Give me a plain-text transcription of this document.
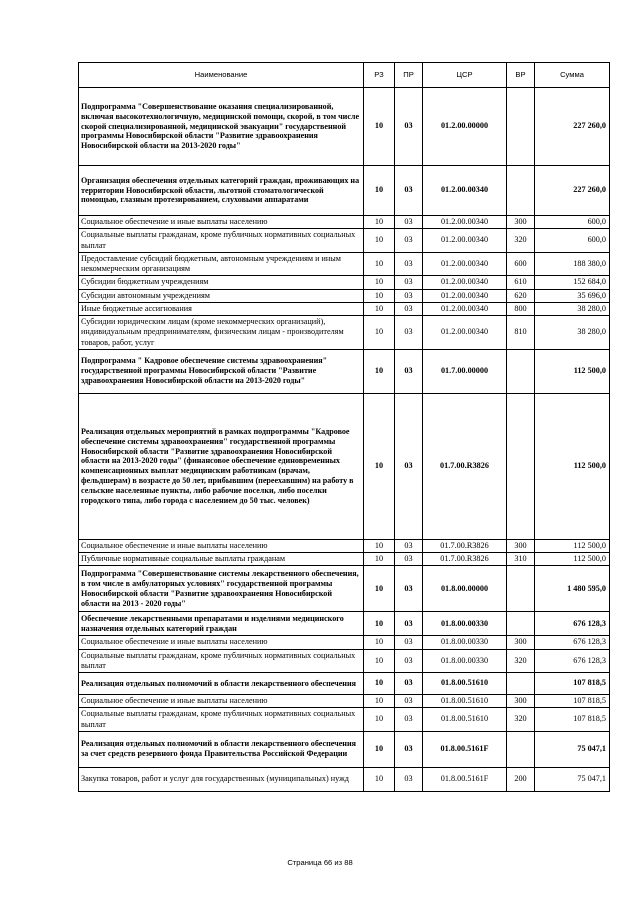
Наименование	РЗ	ПР	ЦСР	ВР	Сумма
Подпрограмма "Совершенствование оказания специализированной, включая высокотехнологичную, медицинской помощи, скорой, в том числе скорой специализированной, медицинской эвакуации" государственной программы Новосибирской области "Развитие здравоохранения Новосибирской области на 2013-2020 годы"	10	03	01.2.00.00000		227 260,0
Организация обеспечения отдельных категорий граждан, проживающих на территории Новосибирской области, льготной стоматологической помощью, глазным протезированием, слуховыми аппаратами	10	03	01.2.00.00340		227 260,0
Социальное обеспечение и иные выплаты населению	10	03	01.2.00.00340	300	600,0
Социальные выплаты гражданам, кроме публичных нормативных социальных выплат	10	03	01.2.00.00340	320	600,0
Предоставление субсидий бюджетным, автономным учреждениям и иным некоммерческим организациям	10	03	01.2.00.00340	600	188 380,0
Субсидии бюджетным учреждениям	10	03	01.2.00.00340	610	152 684,0
Субсидии автономным учреждениям	10	03	01.2.00.00340	620	35 696,0
Иные бюджетные ассигнования	10	03	01.2.00.00340	800	38 280,0
Субсидии юридическим лицам (кроме некоммерческих организаций), индивидуальным предпринимателям, физическим лицам - производителям товаров, работ, услуг	10	03	01.2.00.00340	810	38 280,0
Подпрограмма " Кадровое обеспечение системы здравоохранения" государственной программы Новосибирской области "Развитие здравоохранения Новосибирской области на 2013-2020 годы"	10	03	01.7.00.00000		112 500,0
Реализация отдельных мероприятий в рамках подпрограммы "Кадровое обеспечение системы здравоохранения" государственной программы Новосибирской области "Развитие здравоохранения Новосибирской области на 2013-2020 годы" (финансовое обеспечение единовременных компенсационных выплат медицинским работникам (врачам, фельдшерам) в возрасте до 50 лет, прибывшим (переехавшим) на работу в сельские населенные пункты, либо рабочие поселки, либо поселки городского типа, либо города с населением до 50 тыс. человек)	10	03	01.7.00.R3826		112 500,0
Социальное обеспечение и иные выплаты населению	10	03	01.7.00.R3826	300	112 500,0
Публичные нормативные социальные выплаты гражданам	10	03	01.7.00.R3826	310	112 500,0
Подпрограмма "Совершенствование системы лекарственного обеспечения, в том числе в амбулаторных условиях" государственной программы Новосибирской области "Развитие здравоохранения Новосибирской области на 2013 - 2020 годы"	10	03	01.8.00.00000		1 480 595,0
Обеспечение лекарственными препаратами и изделиями медицинского назначения отдельных категорий граждан	10	03	01.8.00.00330		676 128,3
Социальное обеспечение и иные выплаты населению	10	03	01.8.00.00330	300	676 128,3
Социальные выплаты гражданам, кроме публичных нормативных социальных выплат	10	03	01.8.00.00330	320	676 128,3
Реализация отдельных полномочий в области лекарственного обеспечения	10	03	01.8.00.51610		107 818,5
Социальное обеспечение и иные выплаты населению	10	03	01.8.00.51610	300	107 818,5
Социальные выплаты гражданам, кроме публичных нормативных социальных выплат	10	03	01.8.00.51610	320	107 818,5
Реализация отдельных полномочий в области лекарственного обеспечения за счет средств резервного фонда Правительства Российской Федерации	10	03	01.8.00.5161F		75 047,1
Закупка товаров, работ и услуг для государственных (муниципальных) нужд	10	03	01.8.00.5161F	200	75 047,1
Страница 66 из 88
